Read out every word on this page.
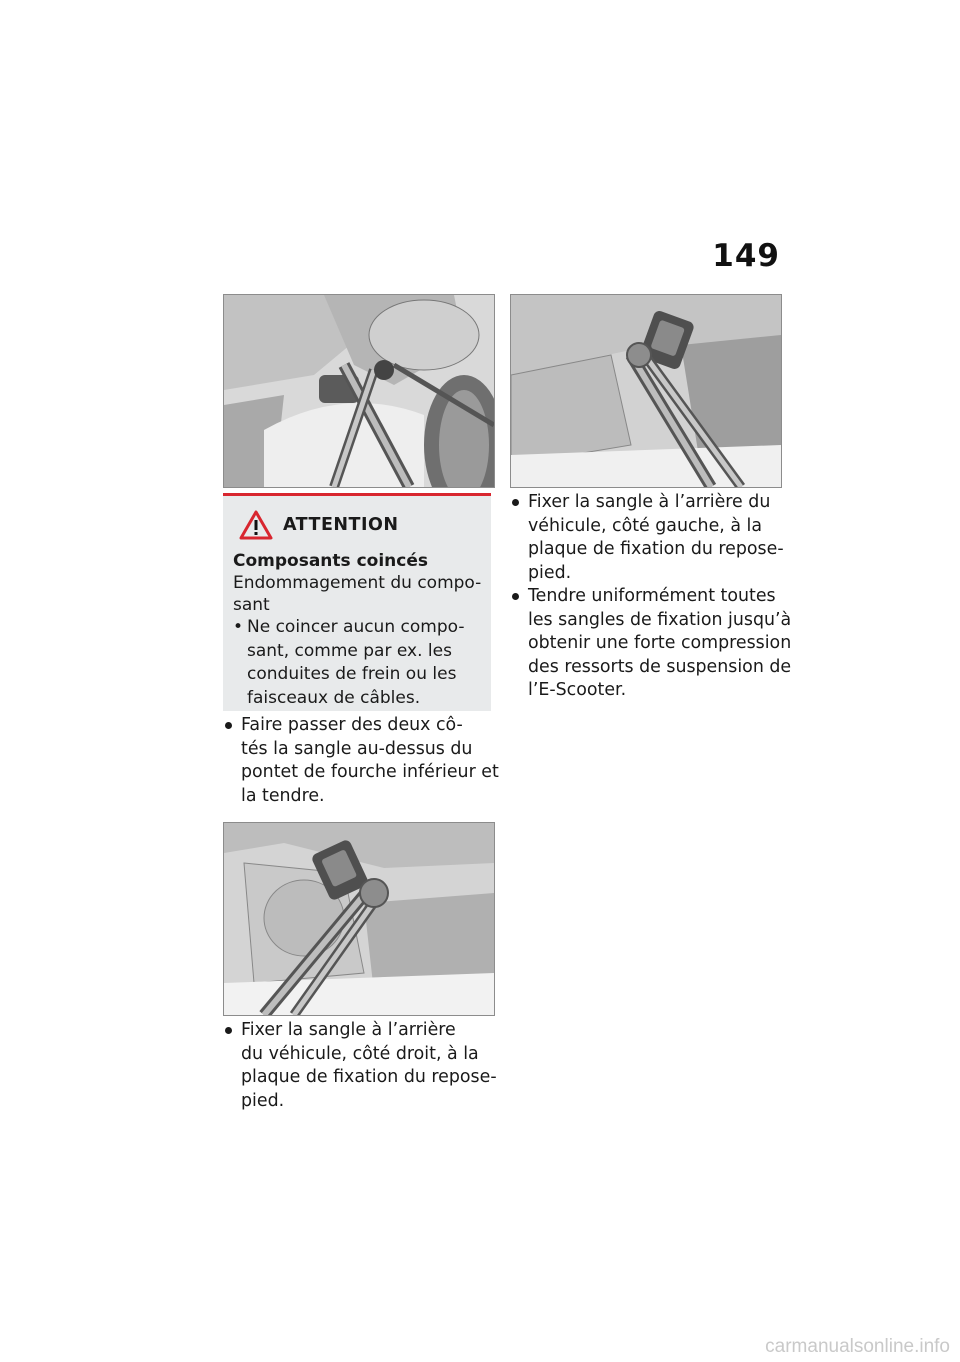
149
ATTENTION
Composants coincés
Endommagement du compo-
sant
• Ne coincer aucun compo-
sant, comme par ex. les
conduites de frein ou les
faisceaux de câbles.
Faire passer des deux cô-
tés la sangle au-dessus du
pontet de fourche inférieur et
la tendre.
Fixer la sangle à l’arrière
du véhicule, côté droit, à la
plaque de fixation du repose-
pied.
Fixer la sangle à l’arrière du
véhicule, côté gauche, à la
plaque de fixation du repose-
pied.
Tendre uniformément toutes
les sangles de fixation jusqu’à
obtenir une forte compression
des ressorts de suspension de
l’E-Scooter.
carmanualsonline.info
